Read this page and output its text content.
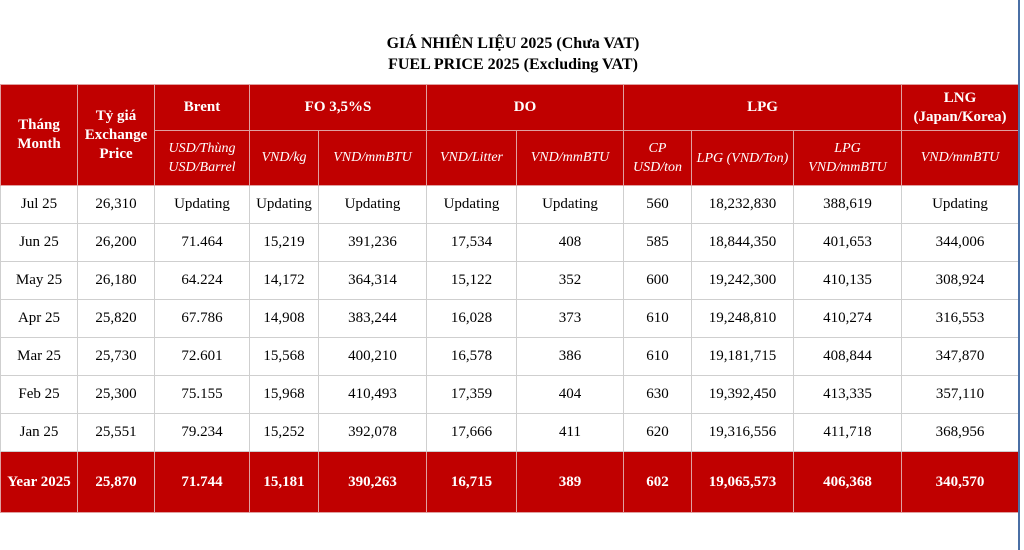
GIÁ NHIÊN LIỆU 2025 (Chưa VAT)
FUEL PRICE 2025 (Excluding VAT)
Tháng Month	Tỷ giá Exchange Price	Brent	FO 3,5%S		DO		LPG			LNG (Japan/Korea)

		USD/Thùng USD/Barrel	VND/kg	VND/mmBTU	VND/Litter	VND/mmBTU	CP USD/ton	LPG (VND/Ton)	LPG VND/mmBTU	VND/mmBTU
Jul 25	26,310	Updating	Updating	Updating	Updating	Updating	560	18,232,830	388,619	Updating
Jun 25	26,200	71.464	15,219	391,236	17,534	408	585	18,844,350	401,653	344,006
May 25	26,180	64.224	14,172	364,314	15,122	352	600	19,242,300	410,135	308,924
Apr 25	25,820	67.786	14,908	383,244	16,028	373	610	19,248,810	410,274	316,553
Mar 25	25,730	72.601	15,568	400,210	16,578	386	610	19,181,715	408,844	347,870
Feb 25	25,300	75.155	15,968	410,493	17,359	404	630	19,392,450	413,335	357,110
Jan 25	25,551	79.234	15,252	392,078	17,666	411	620	19,316,556	411,718	368,956
Year 2025	25,870	71.744	15,181	390,263	16,715	389	602	19,065,573	406,368	340,570
